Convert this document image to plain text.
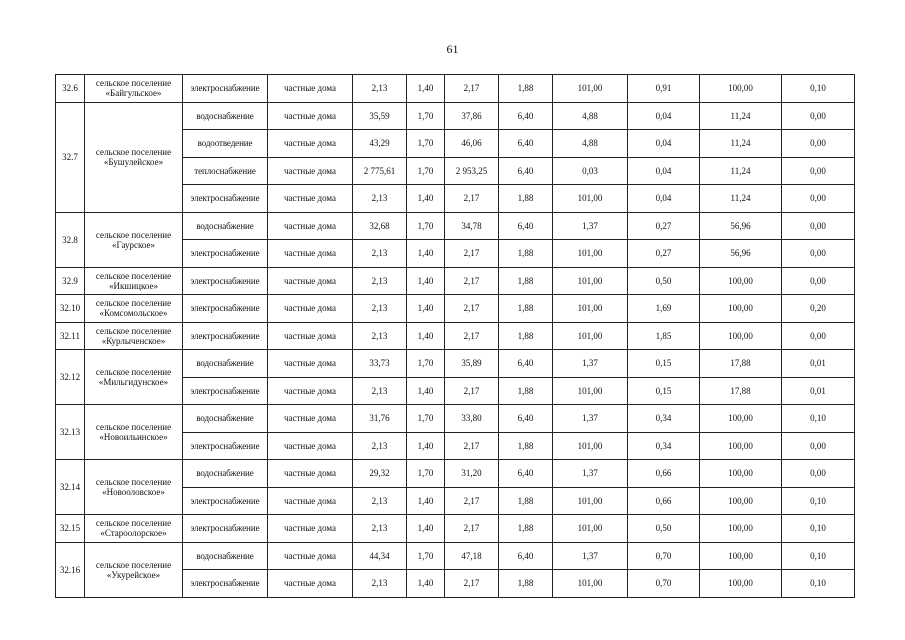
61
32.6	сельское поселение «Байгульское»	электроснабжение	частные дома	2,13	1,40	2,17	1,88	101,00	0,91	100,00	0,10
32.7	сельское поселение «Бушулейское»	водоснабжение	частные дома	35,59	1,70	37,86	6,40	4,88	0,04	11,24	0,00
		водоотведение	частные дома	43,29	1,70	46,06	6,40	4,88	0,04	11,24	0,00
		теплоснабжение	частные дома	2 775,61	1,70	2 953,25	6,40	0,03	0,04	11,24	0,00
		электроснабжение	частные дома	2,13	1,40	2,17	1,88	101,00	0,04	11,24	0,00
32.8	сельское поселение «Гаурское»	водоснабжение	частные дома	32,68	1,70	34,78	6,40	1,37	0,27	56,96	0,00
		электроснабжение	частные дома	2,13	1,40	2,17	1,88	101,00	0,27	56,96	0,00
32.9	сельское поселение «Икшицкое»	электроснабжение	частные дома	2,13	1,40	2,17	1,88	101,00	0,50	100,00	0,00
32.10	сельское поселение «Комсомольское»	электроснабжение	частные дома	2,13	1,40	2,17	1,88	101,00	1,69	100,00	0,20
32.11	сельское поселение «Курлыченское»	электроснабжение	частные дома	2,13	1,40	2,17	1,88	101,00	1,85	100,00	0,00
32.12	сельское поселение «Мильгидунское»	водоснабжение	частные дома	33,73	1,70	35,89	6,40	1,37	0,15	17,88	0,01
		электроснабжение	частные дома	2,13	1,40	2,17	1,88	101,00	0,15	17,88	0,01
32.13	сельское поселение «Новоильинское»	водоснабжение	частные дома	31,76	1,70	33,80	6,40	1,37	0,34	100,00	0,10
		электроснабжение	частные дома	2,13	1,40	2,17	1,88	101,00	0,34	100,00	0,00
32.14	сельское поселение «Новооловское»	водоснабжение	частные дома	29,32	1,70	31,20	6,40	1,37	0,66	100,00	0,00
		электроснабжение	частные дома	2,13	1,40	2,17	1,88	101,00	0,66	100,00	0,10
32.15	сельское поселение «Староолорское»	электроснабжение	частные дома	2,13	1,40	2,17	1,88	101,00	0,50	100,00	0,10
32.16	сельское поселение «Укурейское»	водоснабжение	частные дома	44,34	1,70	47,18	6,40	1,37	0,70	100,00	0,10
		электроснабжение	частные дома	2,13	1,40	2,17	1,88	101,00	0,70	100,00	0,10
